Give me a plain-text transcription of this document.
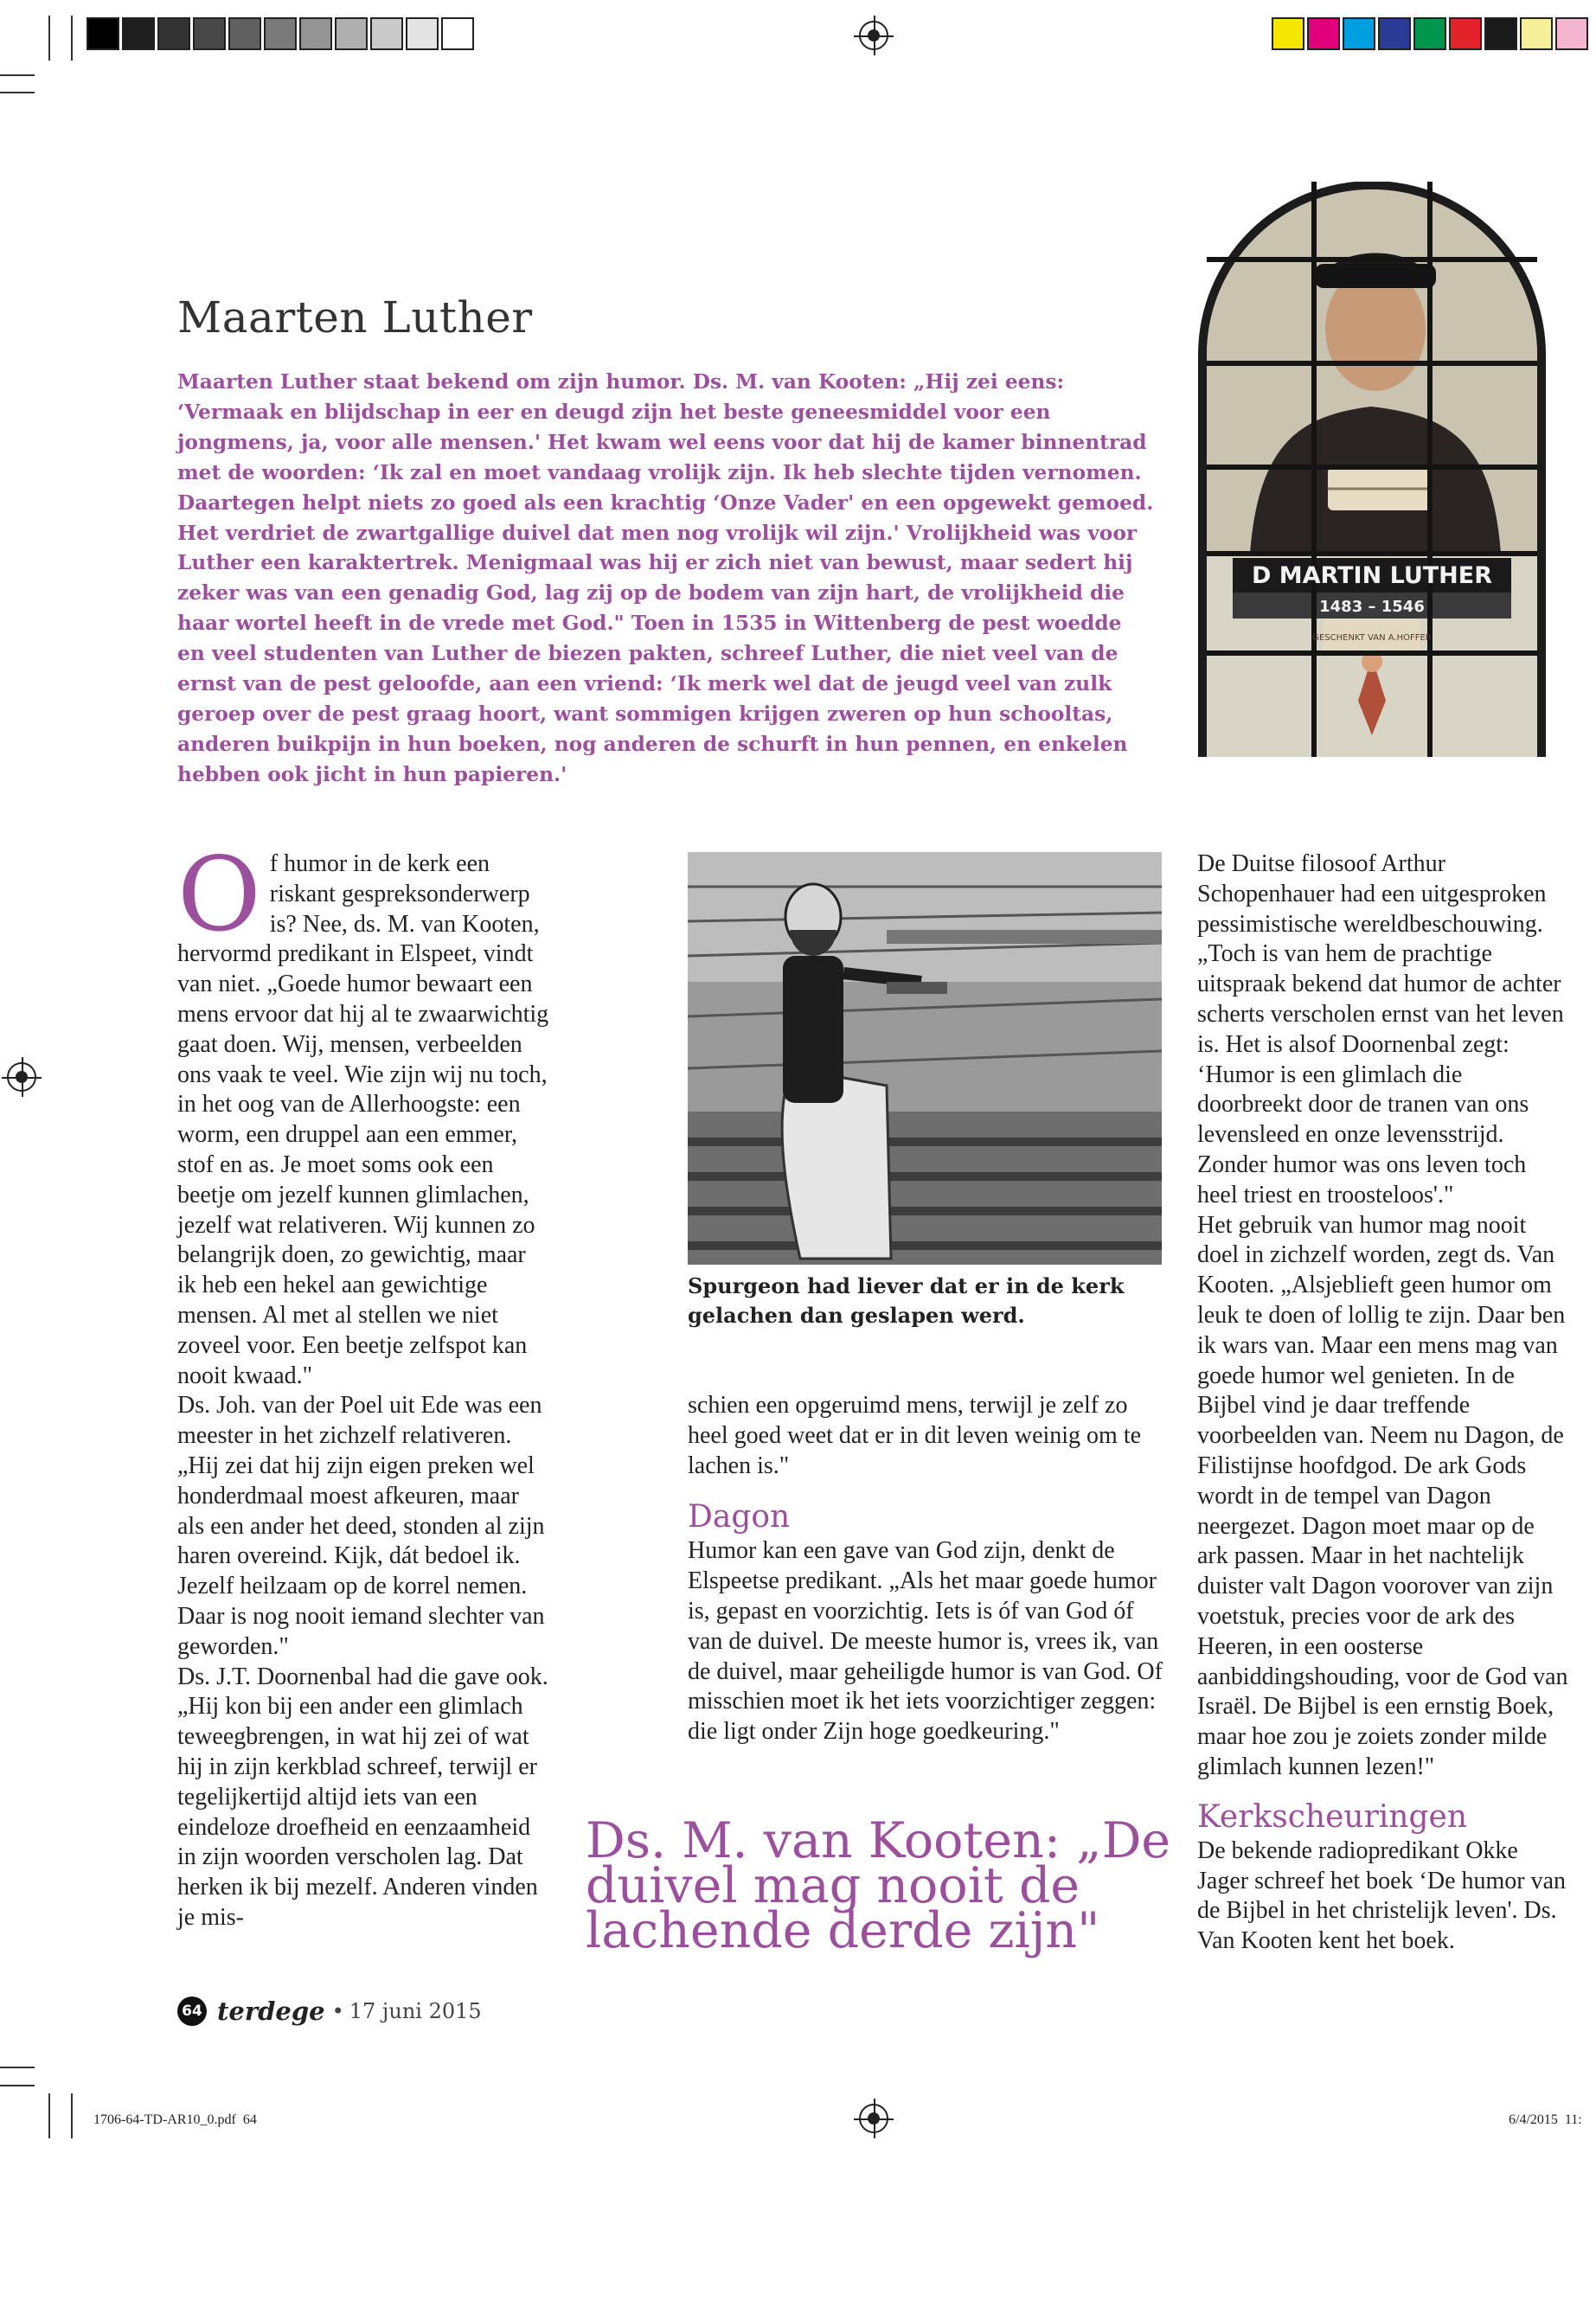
Maarten Luther
Maarten Luther staat bekend om zijn humor. Ds. M. van Kooten: „Hij zei eens: ‘Vermaak en blijdschap in eer en deugd zijn het beste geneesmiddel voor een jongmens, ja, voor alle mensen.' Het kwam wel eens voor dat hij de kamer binnentrad met de woorden: ‘Ik zal en moet vandaag vrolijk zijn. Ik heb slechte tijden vernomen. Daartegen helpt niets zo goed als een krachtig ‘Onze Vader' en een opgewekt gemoed. Het verdriet de zwartgallige duivel dat men nog vrolijk wil zijn.' Vrolijkheid was voor Luther een karaktertrek. Menigmaal was hij er zich niet van bewust, maar sedert hij zeker was van een genadig God, lag zij op de bodem van zijn hart, de vrolijkheid die haar wortel heeft in de vrede met God." Toen in 1535 in Wittenberg de pest woedde en veel studenten van Luther de biezen pakten, schreef Luther, die niet veel van de ernst van de pest geloofde, aan een vriend: ‘Ik merk wel dat de jeugd veel van zulk geroep over de pest graag hoort, want sommigen krijgen zweren op hun schooltas, anderen buikpijn in hun boeken, nog anderen de schurft in hun pennen, en enkelen hebben ook jicht in hun papieren.'
D MARTIN LUTHER
1483 – 1546
GESCHENKT VAN A.HOFFER
Of humor in de kerk een riskant gespreksonderwerp is? Nee, ds. M. van Kooten, hervormd predikant in Elspeet, vindt van niet. „Goede humor bewaart een mens ervoor dat hij al te zwaarwichtig gaat doen. Wij, mensen, verbeelden ons vaak te veel. Wie zijn wij nu toch, in het oog van de Allerhoogste: een worm, een druppel aan een emmer, stof en as. Je moet soms ook een beetje om jezelf kunnen glimlachen, jezelf wat relativeren. Wij kunnen zo belangrijk doen, zo gewichtig, maar ik heb een hekel aan gewichtige mensen. Al met al stellen we niet zoveel voor. Een beetje zelfspot kan nooit kwaad."
Ds. Joh. van der Poel uit Ede was een meester in het zichzelf relativeren. „Hij zei dat hij zijn eigen preken wel honderdmaal moest afkeuren, maar als een ander het deed, stonden al zijn haren overeind. Kijk, dát bedoel ik. Jezelf heilzaam op de korrel nemen. Daar is nog nooit iemand slechter van geworden."
Ds. J.T. Doornenbal had die gave ook. „Hij kon bij een ander een glimlach teweegbrengen, in wat hij zei of wat hij in zijn kerkblad schreef, terwijl er tegelijkertijd altijd iets van een eindeloze droefheid en eenzaamheid in zijn woorden verscholen lag. Dat herken ik bij mezelf. Anderen vinden je mis-
Spurgeon had liever dat er in de kerk gelachen dan geslapen werd.
schien een opgeruimd mens, terwijl je zelf zo heel goed weet dat er in dit leven weinig om te lachen is."
Dagon
Humor kan een gave van God zijn, denkt de Elspeetse predikant. „Als het maar goede humor is, gepast en voorzichtig. Iets is óf van God óf van de duivel. De meeste humor is, vrees ik, van de duivel, maar geheiligde humor is van God. Of misschien moet ik het iets voorzichtiger zeggen: die ligt onder Zijn hoge goedkeuring."
Ds. M. van Kooten: „De duivel mag nooit de lachende derde zijn"
De Duitse filosoof Arthur Schopenhauer had een uitgesproken pessimistische wereldbeschouwing. „Toch is van hem de prachtige uitspraak bekend dat humor de achter scherts verscholen ernst van het leven is. Het is alsof Doornenbal zegt: ‘Humor is een glimlach die doorbreekt door de tranen van ons levensleed en onze levensstrijd. Zonder humor was ons leven toch heel triest en troosteloos'."
Het gebruik van humor mag nooit doel in zichzelf worden, zegt ds. Van Kooten. „Alsjeblieft geen humor om leuk te doen of lollig te zijn. Daar ben ik wars van. Maar een mens mag van goede humor wel genieten. In de Bijbel vind je daar treffende voorbeelden van. Neem nu Dagon, de Filistijnse hoofdgod. De ark Gods wordt in de tempel van Dagon neergezet. Dagon moet maar op de ark passen. Maar in het nachtelijk duister valt Dagon voorover van zijn voetstuk, precies voor de ark des Heeren, in een oosterse aanbiddingshouding, voor de God van Israël. De Bijbel is een ernstig Boek, maar hoe zou je zoiets zonder milde glimlach kunnen lezen!"
Kerkscheuringen
De bekende radiopredikant Okke Jager schreef het boek ‘De humor van de Bijbel in het christelijk leven'. Ds. Van Kooten kent het boek.
64 terdege • 17 juni 2015
1706-64-TD-AR10_0.pdf  64	6/4/2015  11:
